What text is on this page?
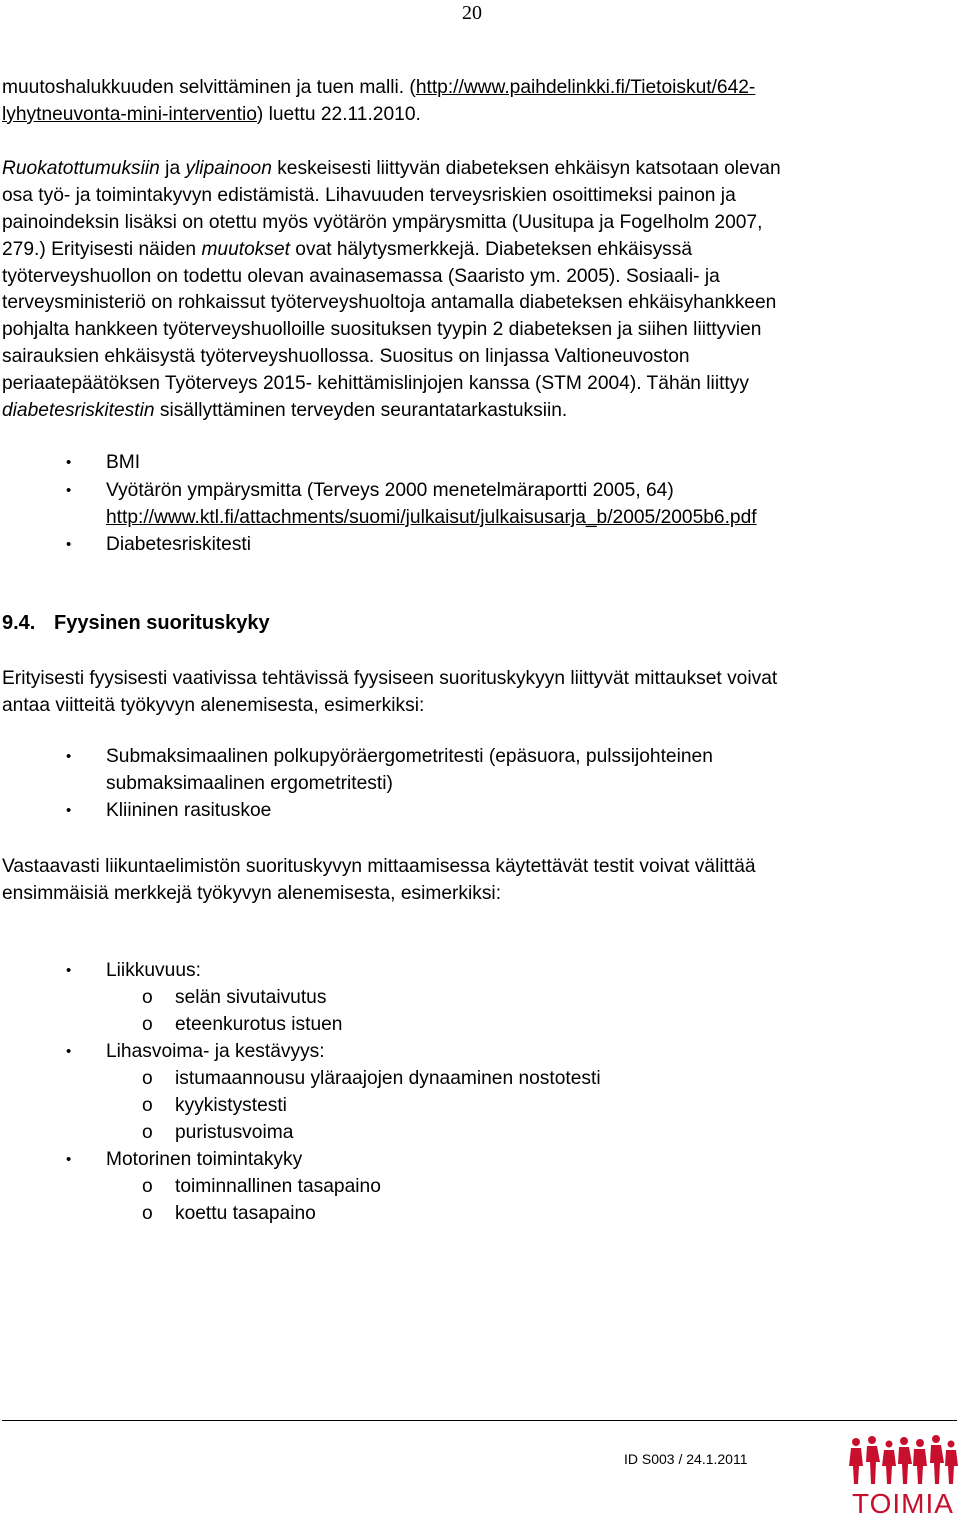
20
muutoshalukkuuden selvittäminen ja tuen malli. (http://www.paihdelinkki.fi/Tietoiskut/642-
lyhytneuvonta-mini-interventio) luettu 22.11.2010.
Ruokatottumuksiin ja ylipainoon keskeisesti liittyvän diabeteksen ehkäisyn katsotaan olevan
osa työ- ja toimintakyvyn edistämistä. Lihavuuden terveysriskien osoittimeksi painon ja
painoindeksin lisäksi on otettu myös vyötärön ympärysmitta (Uusitupa ja Fogelholm 2007,
279.) Erityisesti näiden muutokset ovat hälytysmerkkejä. Diabeteksen ehkäisyssä
työterveyshuollon on todettu olevan avainasemassa (Saaristo ym. 2005). Sosiaali- ja
terveysministeriö on rohkaissut työterveyshuoltoja antamalla diabeteksen ehkäisyhankkeen
pohjalta hankkeen työterveyshuolloille suosituksen tyypin 2 diabeteksen ja siihen liittyvien
sairauksien ehkäisystä työterveyshuollossa. Suositus on linjassa Valtioneuvoston
periaatepäätöksen Työterveys 2015- kehittämislinjojen kanssa (STM 2004). Tähän liittyy
diabetesriskitestin sisällyttäminen terveyden seurantatarkastuksiin.
• BMI
• Vyötärön ympärysmitta (Terveys 2000 menetelmäraportti 2005, 64)
http://www.ktl.fi/attachments/suomi/julkaisut/julkaisusarja_b/2005/2005b6.pdf
• Diabetesriskitesti
9.4. Fyysinen suorituskyky
Erityisesti fyysisesti vaativissa tehtävissä fyysiseen suorituskykyyn liittyvät mittaukset voivat
antaa viitteitä työkyvyn alenemisesta, esimerkiksi:
• Submaksimaalinen polkupyöräergometritesti (epäsuora, pulssijohteinen
submaksimaalinen ergometritesti)
• Kliininen rasituskoe
Vastaavasti liikuntaelimistön suorituskyvyn mittaamisessa käytettävät testit voivat välittää
ensimmäisiä merkkejä työkyvyn alenemisesta, esimerkiksi:
• Liikkuvuus:
o selän sivutaivutus
o eteenkurotus istuen
• Lihasvoima- ja kestävyys:
o istumaannousu yläraajojen dynaaminen nostotesti
o kyykistystesti
o puristusvoima
• Motorinen toimintakyky
o toiminnallinen tasapaino
o koettu tasapaino
ID S003 / 24.1.2011
TOIMIA
